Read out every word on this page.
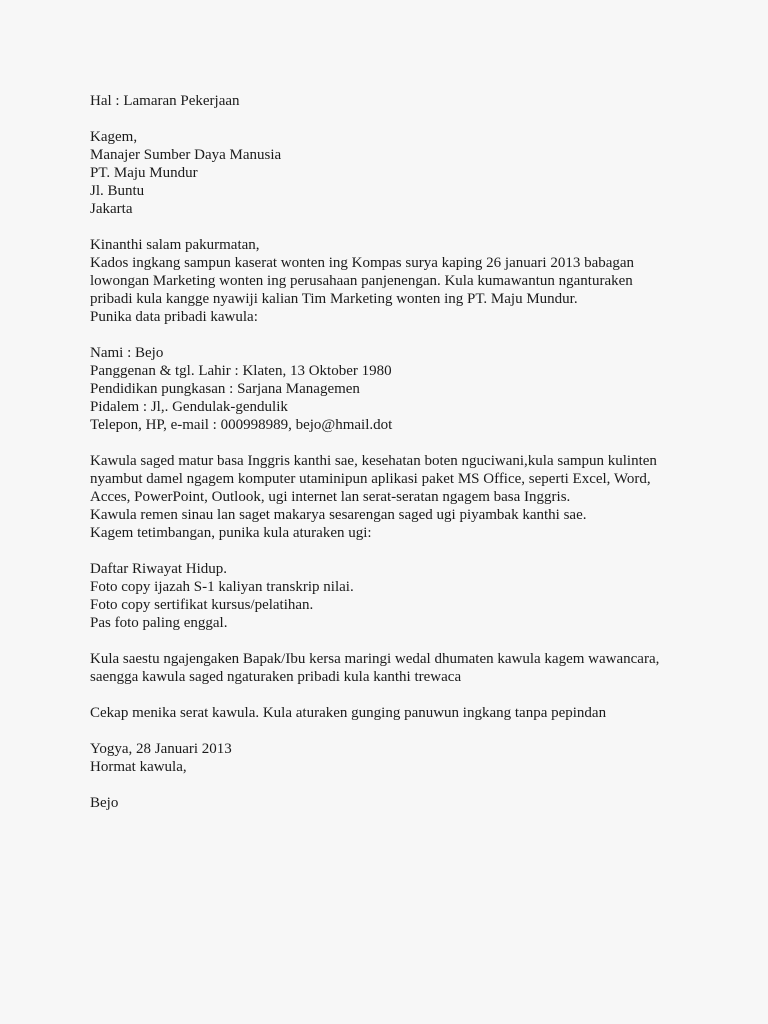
Hal : Lamaran Pekerjaan
Kagem,
Manajer Sumber Daya Manusia
PT. Maju Mundur
Jl. Buntu
Jakarta
Kinanthi salam pakurmatan,
Kados ingkang sampun kaserat wonten ing Kompas surya kaping 26 januari 2013 babagan
lowongan Marketing wonten ing perusahaan panjenengan. Kula kumawantun nganturaken
pribadi kula kangge nyawiji kalian Tim Marketing wonten ing PT. Maju Mundur.
Punika data pribadi kawula:
Nami : Bejo
Panggenan & tgl. Lahir : Klaten, 13 Oktober 1980
Pendidikan pungkasan : Sarjana Managemen
Pidalem : Jl,. Gendulak-gendulik
Telepon, HP, e-mail : 000998989, bejo@hmail.dot
Kawula saged matur basa Inggris kanthi sae, kesehatan boten nguciwani,kula sampun kulinten
nyambut damel ngagem komputer utaminipun aplikasi paket MS Office, seperti Excel, Word,
Acces, PowerPoint, Outlook, ugi internet lan serat-seratan ngagem basa Inggris.
Kawula remen sinau lan saget makarya sesarengan saged ugi piyambak kanthi sae.
Kagem tetimbangan, punika kula aturaken ugi:
Daftar Riwayat Hidup.
Foto copy ijazah S-1 kaliyan transkrip nilai.
Foto copy sertifikat kursus/pelatihan.
Pas foto paling enggal.
Kula saestu ngajengaken Bapak/Ibu kersa maringi wedal dhumaten kawula kagem wawancara,
saengga kawula saged ngaturaken pribadi kula kanthi trewaca
Cekap menika serat kawula. Kula aturaken gunging panuwun ingkang tanpa pepindan
Yogya, 28 Januari 2013
Hormat kawula,
Bejo
